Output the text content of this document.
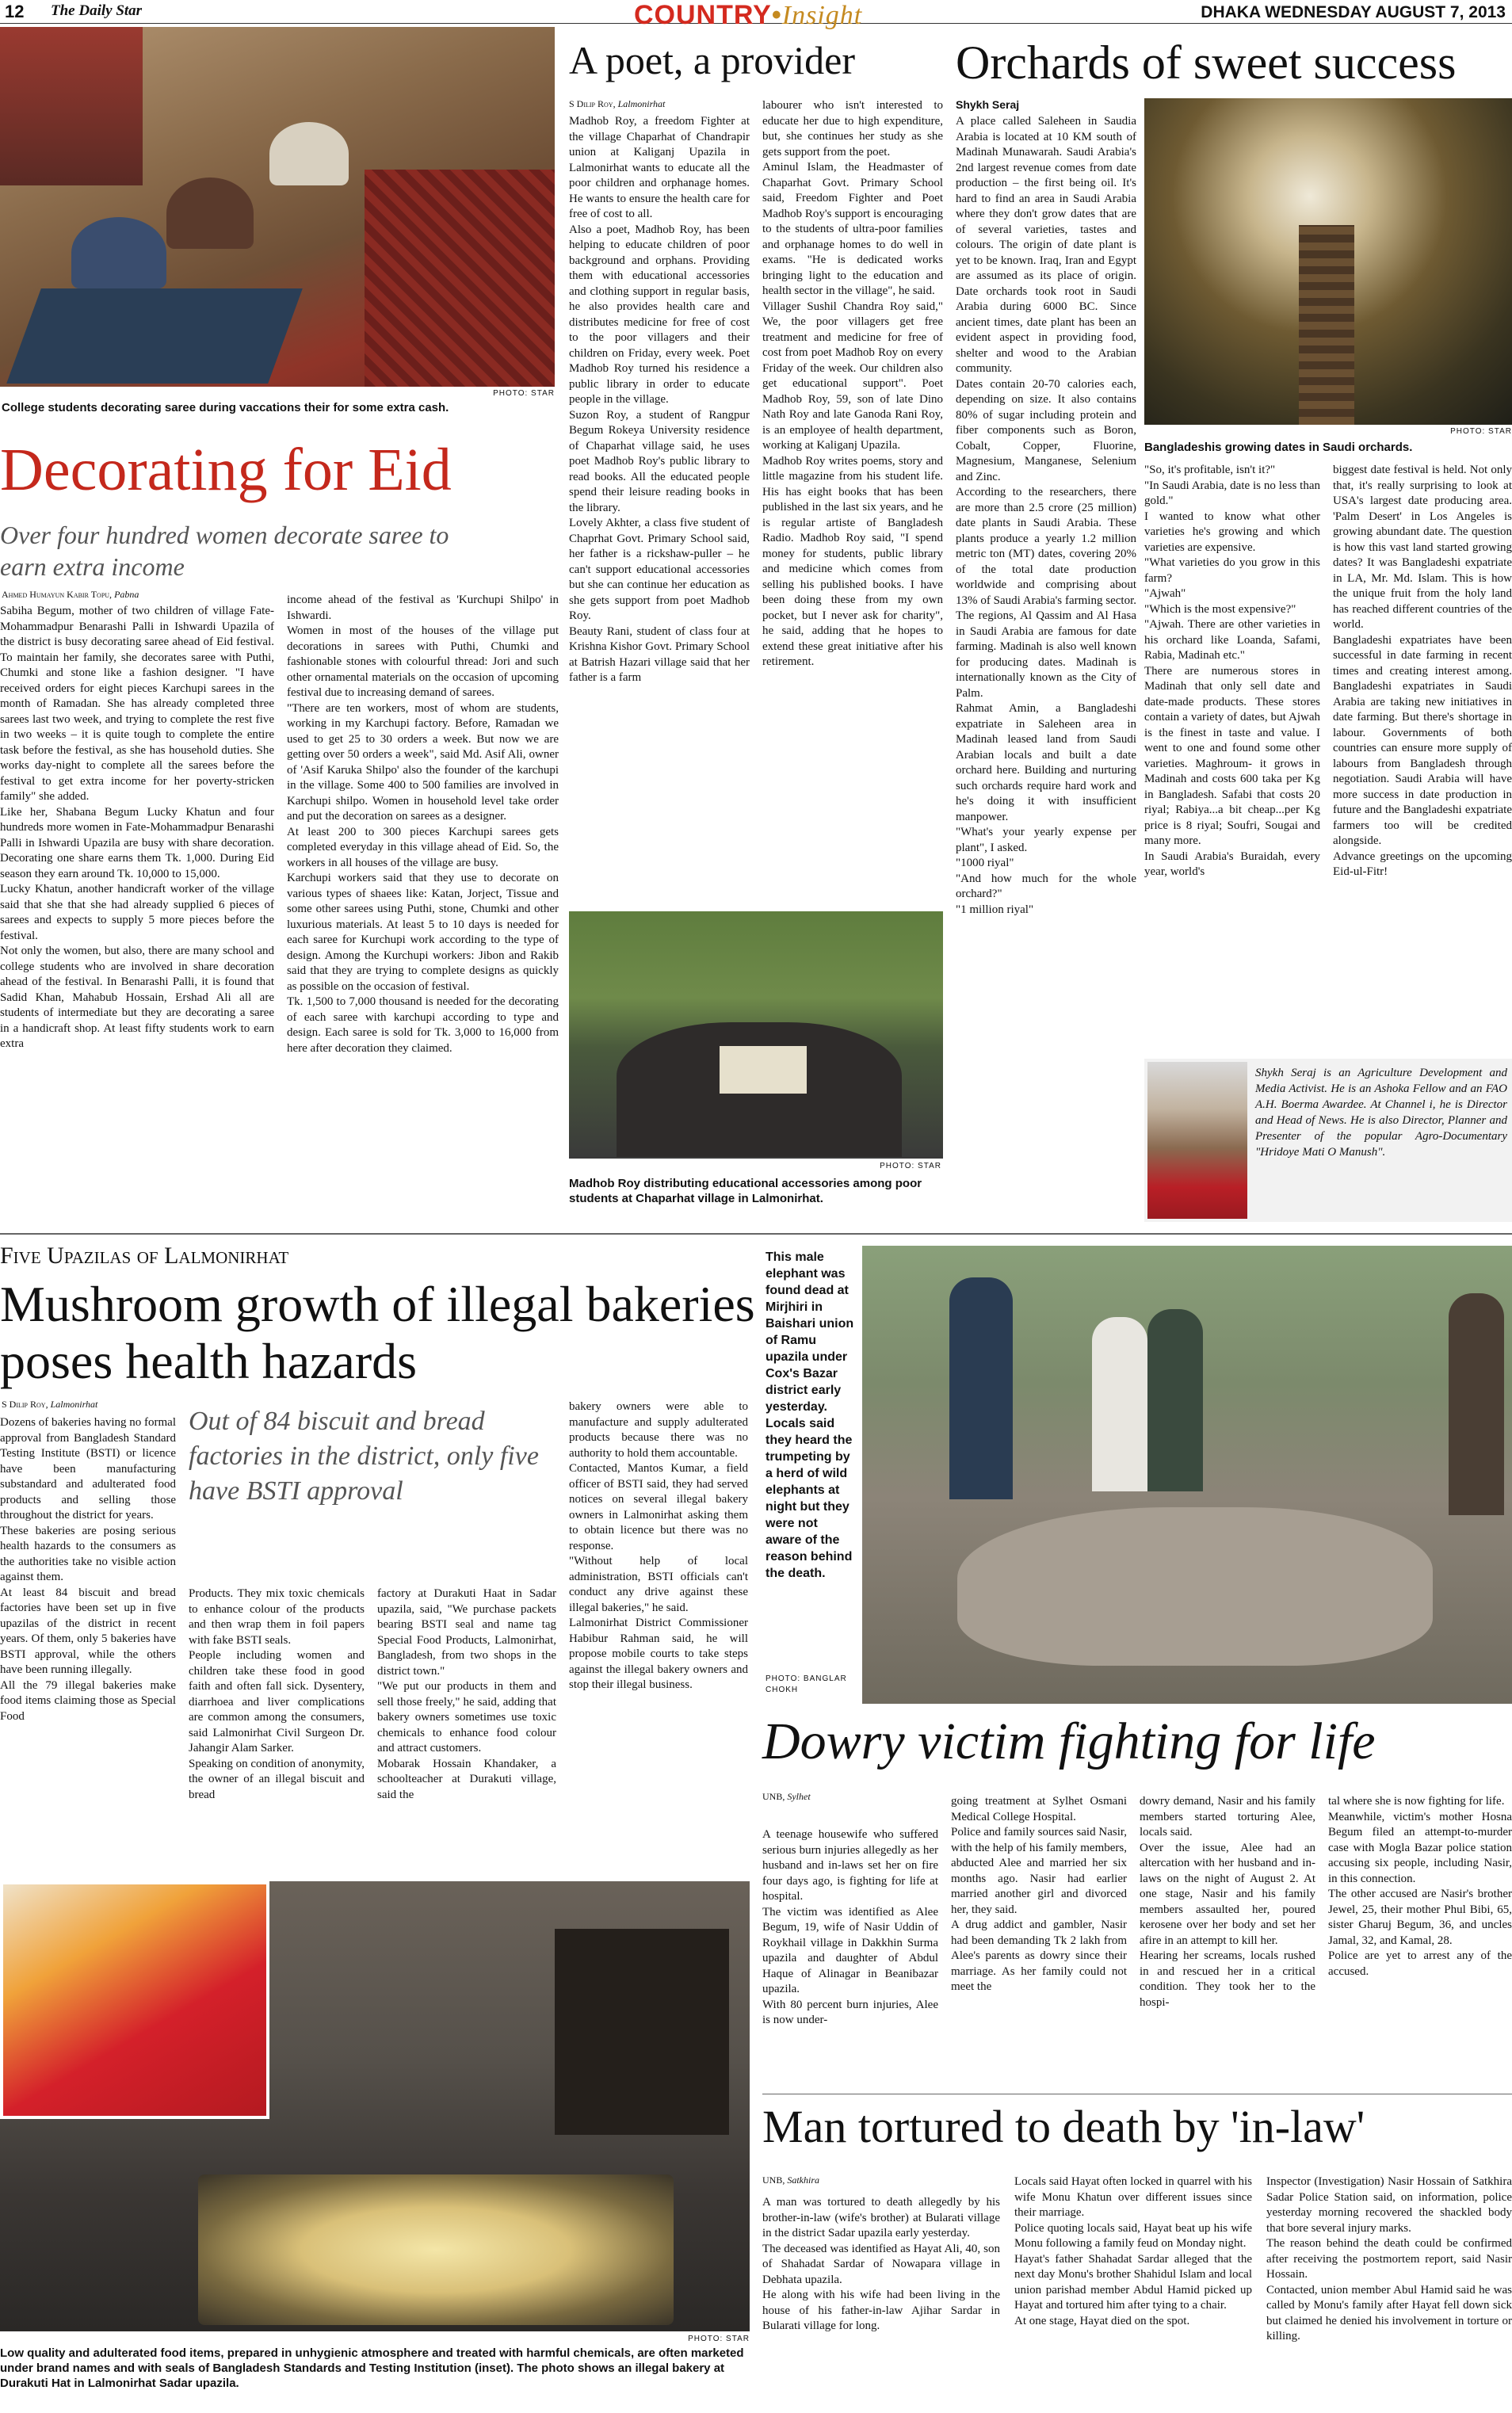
12 The Daily Star	COUNTRY•Insight	DHAKA WEDNESDAY AUGUST 7, 2013
PHOTO: STAR
College students decorating saree during vaccations their for some extra cash.
Decorating for Eid
Over four hundred women decorate saree to earn extra income
Ahmed Humayun Kabir Topu, Pabna
Sabiha Begum, mother of two children of village Fate-Mohammadpur Benarashi Palli in Ishwardi Upazila of the district is busy decorating saree ahead of Eid festival. To maintain her family, she decorates saree with Puthi, Chumki and stone like a fashion designer. "I have received orders for eight pieces Karchupi sarees in the month of Ramadan. She has already completed three sarees last two week, and trying to complete the rest five in two weeks – it is quite tough to complete the entire task before the festival, as she has household duties. She works day-night to complete all the sarees before the festival to get extra income for her poverty-stricken family" she added.
Like her, Shabana Begum Lucky Khatun and four hundreds more women in Fate-Mohammadpur Benarashi Palli in Ishwardi Upazila are busy with share decoration. Decorating one share earns them Tk. 1,000. During Eid season they earn around Tk. 10,000 to 15,000.
Lucky Khatun, another handicraft worker of the village said that she that she had already supplied 6 pieces of sarees and expects to supply 5 more pieces before the festival.
Not only the women, but also, there are many school and college students who are involved in share decoration ahead of the festival. In Benarashi Palli, it is found that Sadid Khan, Mahabub Hossain, Ershad Ali all are students of intermediate but they are decorating a saree in a handicraft shop. At least fifty students work to earn extra
income ahead of the festival as 'Kurchupi Shilpo' in Ishwardi.
Women in most of the houses of the village put decorations in sarees with Puthi, Chumki and fashionable stones with colourful thread: Jori and such other ornamental materials on the occasion of upcoming festival due to increasing demand of sarees.
"There are ten workers, most of whom are students, working in my Karchupi factory. Before, Ramadan we used to get 25 to 30 orders a week. But now we are getting over 50 orders a week", said Md. Asif Ali, owner of 'Asif Karuka Shilpo' also the founder of the karchupi in the village. Some 400 to 500 families are involved in Karchupi shilpo. Women in household level take order and put the decoration on sarees as a designer.
At least 200 to 300 pieces Karchupi sarees gets completed everyday in this village ahead of Eid. So, the workers in all houses of the village are busy.
Karchupi workers said that they use to decorate on various types of shaees like: Katan, Jorject, Tissue and some other sarees using Puthi, stone, Chumki and other luxurious materials. At least 5 to 10 days is needed for each saree for Kurchupi work according to the type of design. Among the Kurchupi workers: Jibon and Rakib said that they are trying to complete designs as quickly as possible on the occasion of festival.
Tk. 1,500 to 7,000 thousand is needed for the decorating of each saree with karchupi according to type and design. Each saree is sold for Tk. 3,000 to 16,000 from here after decoration they claimed.
A poet, a provider
S Dilip Roy, Lalmonirhat
Madhob Roy, a freedom Fighter at the village Chaparhat of Chandrapir union at Kaliganj Upazila in Lalmonirhat wants to educate all the poor children and orphanage homes. He wants to ensure the health care for free of cost to all.
Also a poet, Madhob Roy, has been helping to educate children of poor background and orphans. Providing them with educational accessories and clothing support in regular basis, he also provides health care and distributes medicine for free of cost to the poor villagers and their children on Friday, every week. Poet Madhob Roy turned his residence a public library in order to educate people in the village.
Suzon Roy, a student of Rangpur Begum Rokeya University residence of Chaparhat village said, he uses poet Madhob Roy's public library to read books. All the educated people spend their leisure reading books in the library.
Lovely Akhter, a class five student of Chaprhat Govt. Primary School said, her father is a rickshaw-puller – he can't support educational accessories but she can continue her education as she gets support from poet Madhob Roy.
Beauty Rani, student of class four at Krishna Kishor Govt. Primary School at Batrish Hazari village said that her father is a farm
labourer who isn't interested to educate her due to high expenditure, but, she continues her study as she gets support from the poet.
Aminul Islam, the Headmaster of Chaparhat Govt. Primary School said, Freedom Fighter and Poet Madhob Roy's support is encouraging to the students of ultra-poor families and orphanage homes to do well in exams. "He is dedicated works bringing light to the education and health sector in the village", he said.
Villager Sushil Chandra Roy said," We, the poor villagers get free treatment and medicine for free of cost from poet Madhob Roy on every Friday of the week. Our children also get educational support". Poet Madhob Roy, 59, son of late Dino Nath Roy and late Ganoda Rani Roy, is an employee of health department, working at Kaliganj Upazila.
Madhob Roy writes poems, story and little magazine from his student life. His has eight books that has been published in the last six years, and he is regular artiste of Bangladesh Radio. Madhob Roy said, "I spend money for students, public library and medicine which comes from selling his published books. I have been doing these from my own pocket, but I never ask for charity", he said, adding that he hopes to extend these great initiative after his retirement.
PHOTO: STAR
Madhob Roy distributing educational accessories among poor students at Chaparhat village in Lalmonirhat.
Orchards of sweet success
Shykh Seraj
A place called Saleheen in Saudia Arabia is located at 10 KM south of Madinah Munawarah. Saudi Arabia's 2nd largest revenue comes from date production – the first being oil. It's hard to find an area in Saudi Arabia where they don't grow dates that are of several varieties, tastes and colours. The origin of date plant is yet to be known. Iraq, Iran and Egypt are assumed as its place of origin. Date orchards took root in Saudi Arabia during 6000 BC. Since ancient times, date plant has been an evident aspect in providing food, shelter and wood to the Arabian community.
Dates contain 20-70 calories each, depending on size. It also contains 80% of sugar including protein and fiber components such as Boron, Cobalt, Copper, Fluorine, Magnesium, Manganese, Selenium and Zinc.
According to the researchers, there are more than 2.5 crore (25 million) date plants in Saudi Arabia. These plants produce a yearly 1.2 million metric ton (MT) dates, covering 20% of the total date production worldwide and comprising about 13% of Saudi Arabia's farming sector. The regions, Al Qassim and Al Hasa in Saudi Arabia are famous for date farming. Madinah is also well known for producing dates. Madinah is internationally known as the City of Palm.
Rahmat Amin, a Bangladeshi expatriate in Saleheen area in Madinah leased land from Saudi Arabian locals and built a date orchard here. Building and nurturing such orchards require hard work and he's doing it with insufficient manpower.
"What's your yearly expense per plant", I asked.
"1000 riyal"
"And how much for the whole orchard?"
"1 million riyal"
PHOTO: STAR
Bangladeshis growing dates in Saudi orchards.
"So, it's profitable, isn't it?"
"In Saudi Arabia, date is no less than gold."
I wanted to know what other varieties he's growing and which varieties are expensive.
"What varieties do you grow in this farm?
"Ajwah"
"Which is the most expensive?"
"Ajwah. There are other varieties in his orchard like Loanda, Safami, Rabia, Madinah etc."
There are numerous stores in Madinah that only sell date and date-made products. These stores contain a variety of dates, but Ajwah is the finest in taste and value. I went to one and found some other varieties. Maghroum- it grows in Madinah and costs 600 taka per Kg in Bangladesh. Safabi that costs 20 riyal; Rabiya...a bit cheap...per Kg price is 8 riyal; Soufri, Sougai and many more.
In Saudi Arabia's Buraidah, every year, world's
biggest date festival is held. Not only that, it's really surprising to look at USA's largest date producing area. 'Palm Desert' in Los Angeles is growing abundant date. The question is how this vast land started growing dates? It was Bangladeshi expatriate in LA, Mr. Md. Islam. This is how the unique fruit from the holy land has reached different countries of the world.
Bangladeshi expatriates have been successful in date farming in recent times and creating interest among. Bangladeshi expatriates in Saudi Arabia are taking new initiatives in date farming. But there's shortage in labour. Governments of both countries can ensure more supply of labours from Bangladesh through negotiation. Saudi Arabia will have more success in date production in future and the Bangladeshi expatriate farmers too will be credited alongside.
Advance greetings on the upcoming Eid-ul-Fitr!
Shykh Seraj is an Agriculture Development and Media Activist. He is an Ashoka Fellow and an FAO A.H. Boerma Awardee. At Channel i, he is Director and Head of News. He is also Director, Planner and Presenter of the popular Agro-Documentary "Hridoye Mati O Manush".
Five Upazilas of Lalmonirhat
Mushroom growth of illegal bakeries poses health hazards
S Dilip Roy, Lalmonirhat
Dozens of bakeries having no formal approval from Bangladesh Standard Testing Institute (BSTI) or licence have been manufacturing substandard and adulterated food products and selling those throughout the district for years.
These bakeries are posing serious health hazards to the consumers as the authorities take no visible action against them.
At least 84 biscuit and bread factories have been set up in five upazilas of the district in recent years. Of them, only 5 bakeries have BSTI approval, while the others have been running illegally.
All the 79 illegal bakeries make food items claiming those as Special Food
Out of 84 biscuit and bread factories in the district, only five have BSTI approval
Products. They mix toxic chemicals to enhance colour of the products and then wrap them in foil papers with fake BSTI seals.
People including women and children take these food in good faith and often fall sick. Dysentery, diarrhoea and liver complications are common among the consumers, said Lalmonirhat Civil Surgeon Dr. Jahangir Alam Sarker.
Speaking on condition of anonymity, the owner of an illegal biscuit and bread
factory at Durakuti Haat in Sadar upazila, said, "We purchase packets bearing BSTI seal and name tag Special Food Products, Lalmonirhat, Bangladesh, from two shops in the district town."
"We put our products in them and sell those freely," he said, adding that bakery owners sometimes use toxic chemicals to enhance food colour and attract customers.
Mobarak Hossain Khandaker, a schoolteacher at Durakuti village, said the
bakery owners were able to manufacture and supply adulterated products because there was no authority to hold them accountable.
Contacted, Mantos Kumar, a field officer of BSTI said, they had served notices on several illegal bakery owners in Lalmonirhat asking them to obtain licence but there was no response.
"Without help of local administration, BSTI officials can't conduct any drive against these illegal bakeries," he said.
Lalmonirhat District Commissioner Habibur Rahman said, he will propose mobile courts to take steps against the illegal bakery owners and stop their illegal business.
PHOTO: STAR
Low quality and adulterated food items, prepared in unhygienic atmosphere and treated with harmful chemicals, are often marketed under brand names and with seals of Bangladesh Standards and Testing Institution (inset). The photo shows an illegal bakery at Durakuti Hat in Lalmonirhat Sadar upazila.
This male elephant was found dead at Mirjhiri in Baishari union of Ramu upazila under Cox's Bazar district early yesterday. Locals said they heard the trumpeting by a herd of wild elephants at night but they were not aware of the reason behind the death.
PHOTO: BANGLAR CHOKH
Dowry victim fighting for life
UNB, Sylhet
A teenage housewife who suffered serious burn injuries allegedly as her husband and in-laws set her on fire four days ago, is fighting for life at hospital.
The victim was identified as Alee Begum, 19, wife of Nasir Uddin of Roykhail village in Dakkhin Surma upazila and daughter of Abdul Haque of Alinagar in Beanibazar upazila.
With 80 percent burn injuries, Alee is now under-
going treatment at Sylhet Osmani Medical College Hospital.
Police and family sources said Nasir, with the help of his family members, abducted Alee and married her six months ago. Nasir had earlier married another girl and divorced her, they said.
A drug addict and gambler, Nasir had been demanding Tk 2 lakh from Alee's parents as dowry since their marriage. As her family could not meet the
dowry demand, Nasir and his family members started torturing Alee, locals said.
Over the issue, Alee had an altercation with her husband and in-laws on the night of August 2. At one stage, Nasir and his family members assaulted her, poured kerosene over her body and set her afire in an attempt to kill her.
Hearing her screams, locals rushed in and rescued her in a critical condition. They took her to the hospi-
tal where she is now fighting for life.
Meanwhile, victim's mother Hosna Begum filed an attempt-to-murder case with Mogla Bazar police station accusing six people, including Nasir, in this connection.
The other accused are Nasir's brother Jewel, 25, their mother Phul Bibi, 65, sister Gharuj Begum, 36, and uncles Jamal, 32, and Kamal, 28.
Police are yet to arrest any of the accused.
Man tortured to death by 'in-law'
UNB, Satkhira
A man was tortured to death allegedly by his brother-in-law (wife's brother) at Bularati village in the district Sadar upazila early yesterday.
The deceased was identified as Hayat Ali, 40, son of Shahadat Sardar of Nowapara village in Debhata upazila.
He along with his wife had been living in the house of his father-in-law Ajihar Sardar in Bularati village for long.
Locals said Hayat often locked in quarrel with his wife Monu Khatun over different issues since their marriage.
Police quoting locals said, Hayat beat up his wife Monu following a family feud on Monday night.
Hayat's father Shahadat Sardar alleged that the next day Monu's brother Shahidul Islam and local union parishad member Abdul Hamid picked up Hayat and tortured him after tying to a chair.
At one stage, Hayat died on the spot.
Inspector (Investigation) Nasir Hossain of Satkhira Sadar Police Station said, on information, police yesterday morning recovered the shackled body that bore several injury marks.
The reason behind the death could be confirmed after receiving the postmortem report, said Nasir Hossain.
Contacted, union member Abul Hamid said he was called by Monu's family after Hayat fell down sick but claimed he denied his involvement in torture or killing.
